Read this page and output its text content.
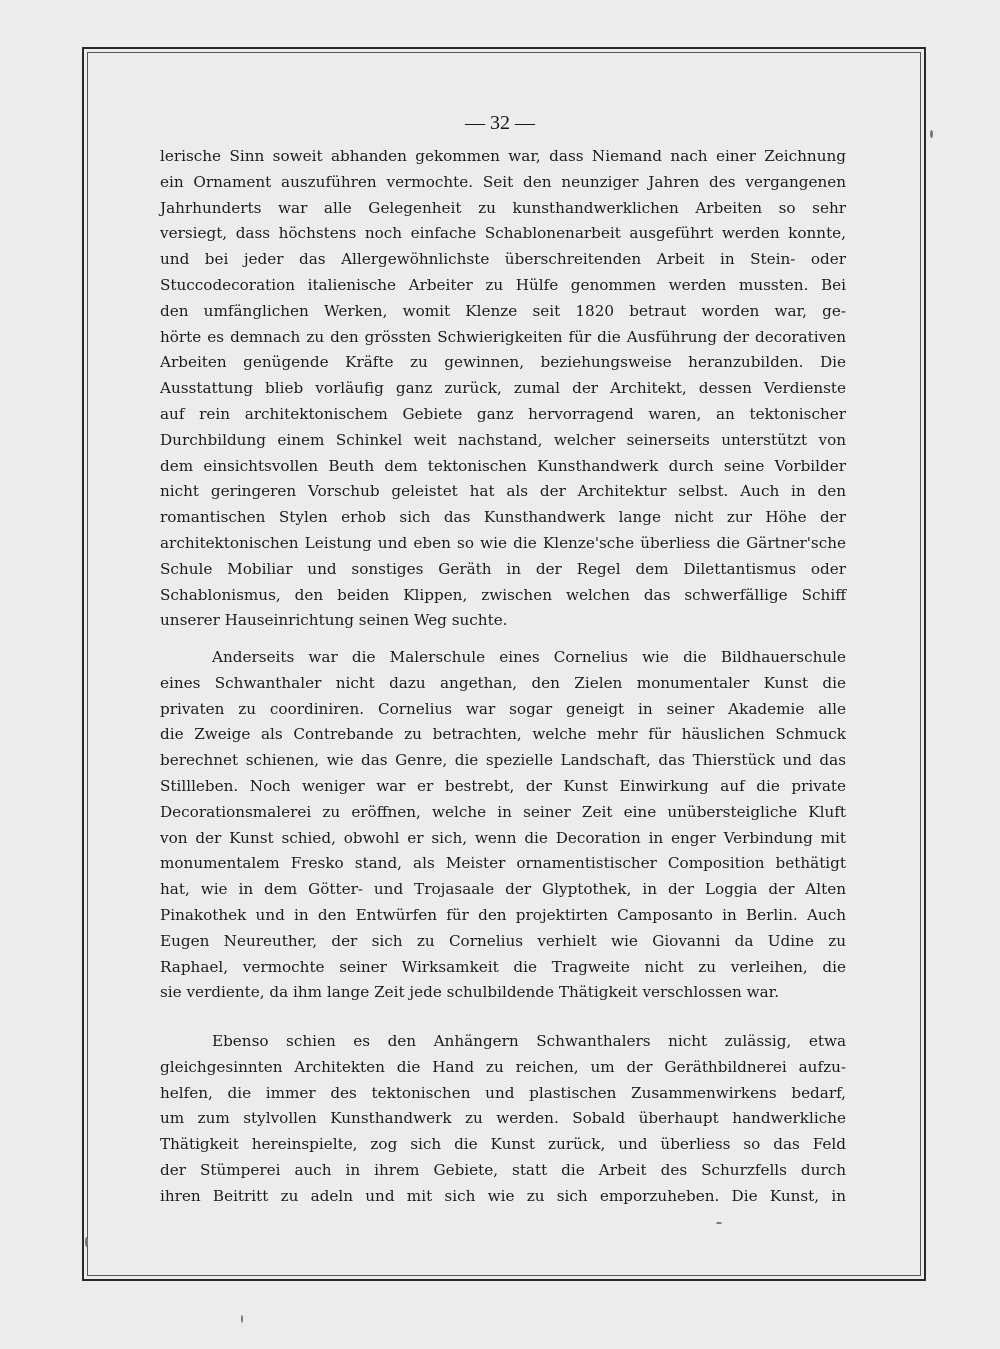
— 32 —

lerische Sinn soweit abhanden gekommen war, dass Niemand nach einer Zeichnung
ein Ornament auszuführen vermochte. Seit den neunziger Jahren des vergangenen
Jahrhunderts war alle Gelegenheit zu kunsthandwerklichen Arbeiten so sehr
versiegt, dass höchstens noch einfache Schablonenarbeit ausgeführt werden konnte,
und bei jeder das Allergewöhnlichste überschreitenden Arbeit in Stein- oder
Stuccodecoration italienische Arbeiter zu Hülfe genommen werden mussten. Bei
den umfänglichen Werken, womit Klenze seit 1820 betraut worden war, ge-
hörte es demnach zu den grössten Schwierigkeiten für die Ausführung der decorativen
Arbeiten genügende Kräfte zu gewinnen, beziehungsweise heranzubilden. Die
Ausstattung blieb vorläufig ganz zurück, zumal der Architekt, dessen Verdienste
auf rein architektonischem Gebiete ganz hervorragend waren, an tektonischer
Durchbildung einem Schinkel weit nachstand, welcher seinerseits unterstützt von
dem einsichtsvollen Beuth dem tektonischen Kunsthandwerk durch seine Vorbilder
nicht geringeren Vorschub geleistet hat als der Architektur selbst. Auch in den
romantischen Stylen erhob sich das Kunsthandwerk lange nicht zur Höhe der
architektonischen Leistung und eben so wie die Klenze'sche überliess die Gärtner'sche
Schule Mobiliar und sonstiges Geräth in der Regel dem Dilettantismus oder
Schablonismus, den beiden Klippen, zwischen welchen das schwerfällige Schiff
unserer Hauseinrichtung seinen Weg suchte.
Anderseits war die Malerschule eines Cornelius wie die Bildhauerschule
eines Schwanthaler nicht dazu angethan, den Zielen monumentaler Kunst die
privaten zu coordiniren. Cornelius war sogar geneigt in seiner Akademie alle
die Zweige als Contrebande zu betrachten, welche mehr für häuslichen Schmuck
berechnet schienen, wie das Genre, die spezielle Landschaft, das Thierstück und das
Stillleben. Noch weniger war er bestrebt, der Kunst Einwirkung auf die private
Decorationsmalerei zu eröffnen, welche in seiner Zeit eine unübersteigliche Kluft
von der Kunst schied, obwohl er sich, wenn die Decoration in enger Verbindung mit
monumentalem Fresko stand, als Meister ornamentistischer Composition bethätigt
hat, wie in dem Götter- und Trojasaale der Glyptothek, in der Loggia der Alten
Pinakothek und in den Entwürfen für den projektirten Camposanto in Berlin. Auch
Eugen Neureuther, der sich zu Cornelius verhielt wie Giovanni da Udine zu
Raphael, vermochte seiner Wirksamkeit die Tragweite nicht zu verleihen, die
sie verdiente, da ihm lange Zeit jede schulbildende Thätigkeit verschlossen war.
Ebenso schien es den Anhängern Schwanthalers nicht zulässig, etwa
gleichgesinnten Architekten die Hand zu reichen, um der Geräthbildnerei aufzu-
helfen, die immer des tektonischen und plastischen Zusammenwirkens bedarf,
um zum stylvollen Kunsthandwerk zu werden. Sobald überhaupt handwerkliche
Thätigkeit hereinspielte, zog sich die Kunst zurück, und überliess so das Feld
der Stümperei auch in ihrem Gebiete, statt die Arbeit des Schurzfells durch
ihren Beitritt zu adeln und mit sich wie zu sich emporzuheben. Die Kunst, in
